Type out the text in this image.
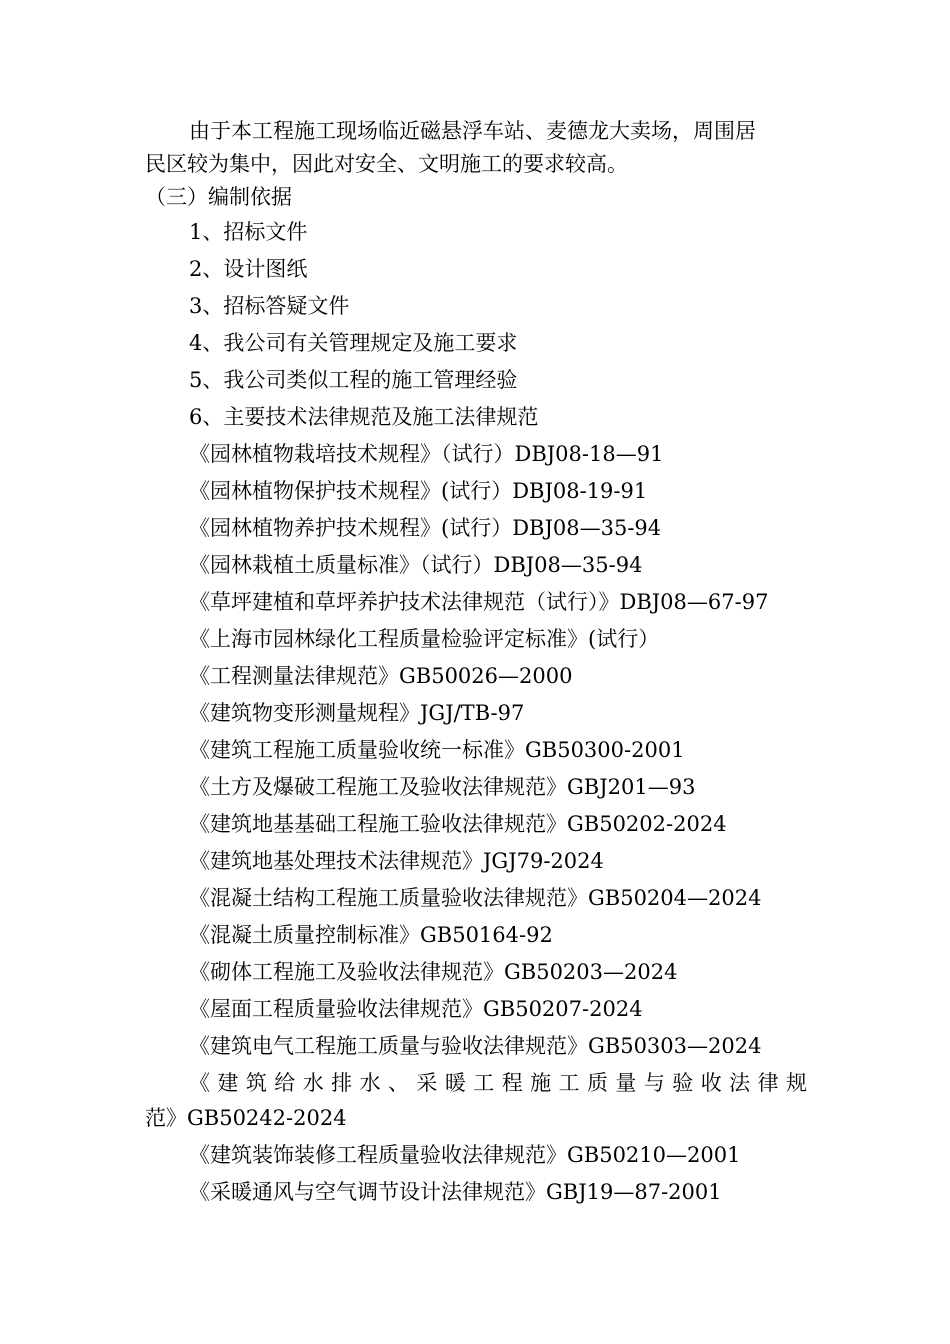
由于本工程施工现场临近磁悬浮车站、麦德龙大卖场，周围居
民区较为集中，因此对安全、文明施工的要求较高。
（三）编制依据
1、招标文件
2、设计图纸
3、招标答疑文件
4、我公司有关管理规定及施工要求
5、我公司类似工程的施工管理经验
6、主要技术法律规范及施工法律规范
《园林植物栽培技术规程》（试行）DBJ08-18—91
《园林植物保护技术规程》(试行）DBJ08-19-91
《园林植物养护技术规程》(试行）DBJ08—35-94
《园林栽植土质量标准》（试行）DBJ08—35-94
《草坪建植和草坪养护技术法律规范（试行）》DBJ08—67-97
《上海市园林绿化工程质量检验评定标准》(试行）
《工程测量法律规范》GB50026—2000
《建筑物变形测量规程》JGJ/TB-97
《建筑工程施工质量验收统一标准》GB50300-2001
《土方及爆破工程施工及验收法律规范》GBJ201—93
《建筑地基基础工程施工验收法律规范》GB50202-2024
《建筑地基处理技术法律规范》JGJ79-2024
《混凝土结构工程施工质量验收法律规范》GB50204—2024
《混凝土质量控制标准》GB50164-92
《砌体工程施工及验收法律规范》GB50203—2024
《屋面工程质量验收法律规范》GB50207-2024
《建筑电气工程施工质量与验收法律规范》GB50303—2024
《建筑给水排水、采暖工程施工质量与验收法律规
范》GB50242-2024
《建筑装饰装修工程质量验收法律规范》GB50210—2001
《采暖通风与空气调节设计法律规范》GBJ19—87-2001
